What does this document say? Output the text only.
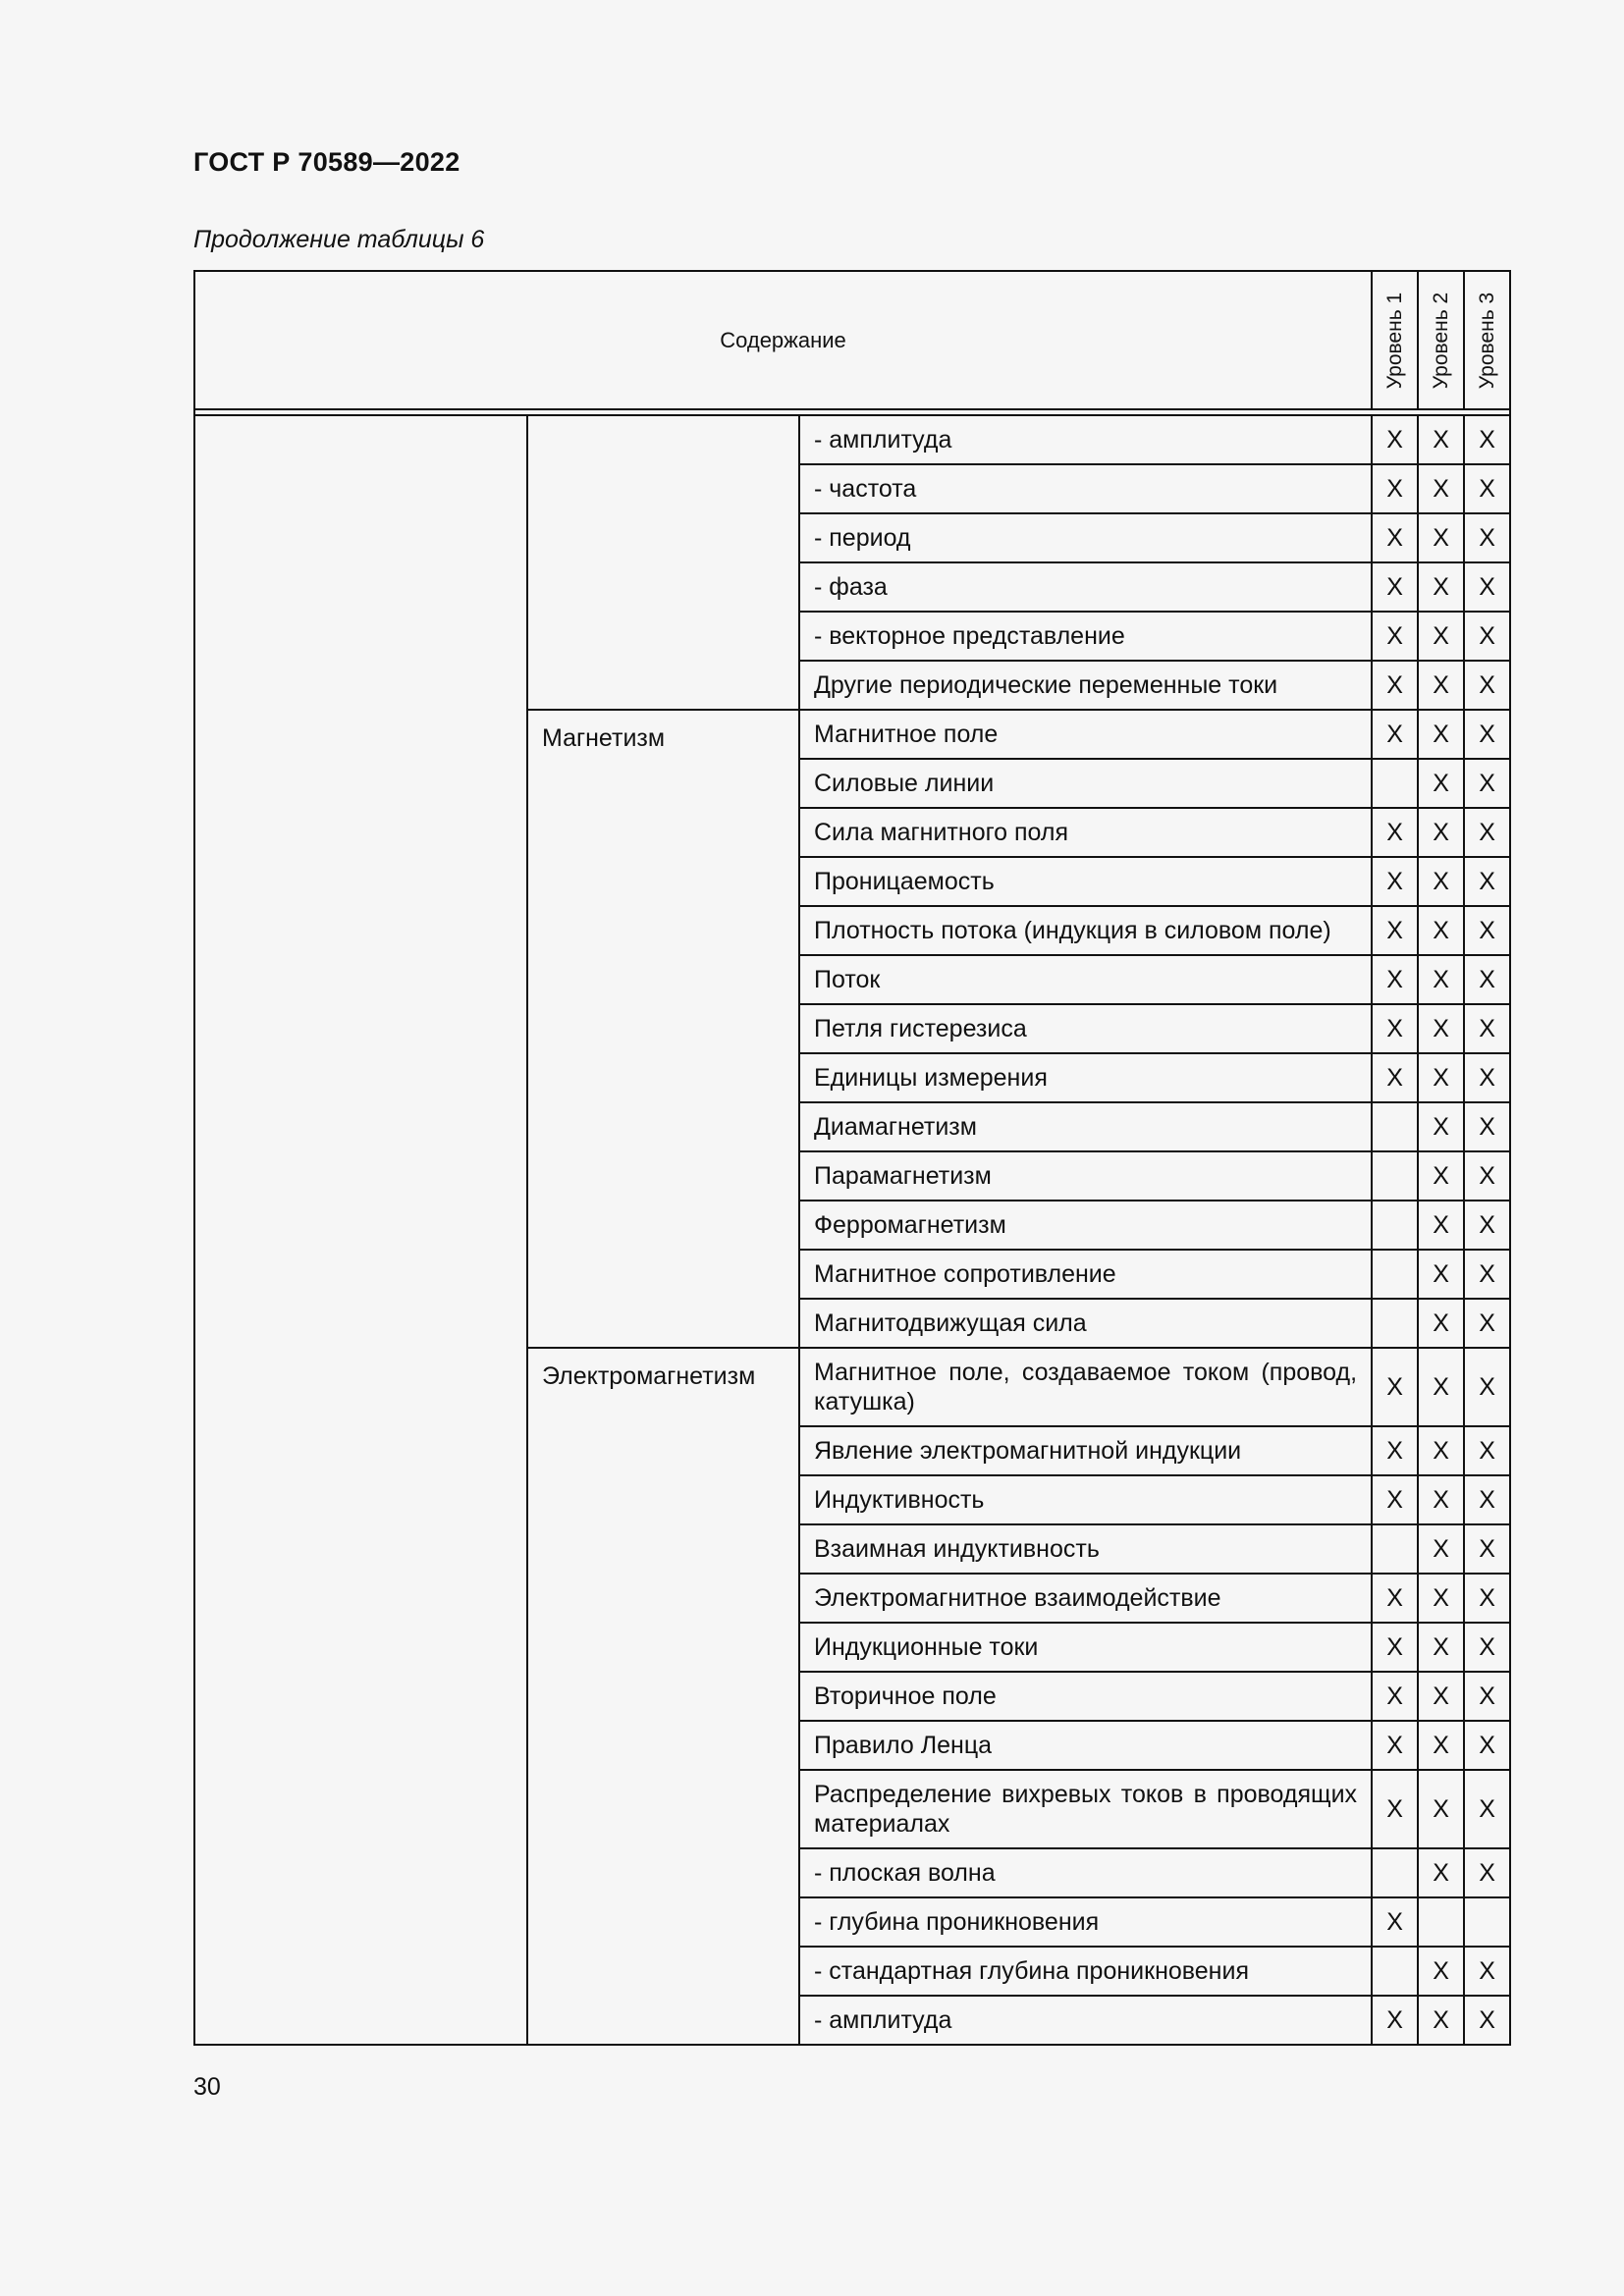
ГОСТ Р 70589—2022
Продолжение таблицы 6
Содержание			Уровень 1	Уровень 2	Уровень 3

		- амплитуда	X	X	X
		- частота	X	X	X
		- период	X	X	X
		- фаза	X	X	X
		- векторное представление	X	X	X
		Другие периодические переменные токи	X	X	X
	Магнетизм	Магнитное поле	X	X	X
		Силовые линии		X	X
		Сила магнитного поля	X	X	X
		Проницаемость	X	X	X
		Плотность потока (индукция в силовом поле)	X	X	X
		Поток	X	X	X
		Петля гистерезиса	X	X	X
		Единицы измерения	X	X	X
		Диамагнетизм		X	X
		Парамагнетизм		X	X
		Ферромагнетизм		X	X
		Магнитное сопротивление		X	X
		Магнитодвижущая сила		X	X
	Электромагнетизм	Магнитное поле, создаваемое током (провод, катушка)	X	X	X
		Явление электромагнитной индукции	X	X	X
		Индуктивность	X	X	X
		Взаимная индуктивность		X	X
		Электромагнитное взаимодействие	X	X	X
		Индукционные токи	X	X	X
		Вторичное поле	X	X	X
		Правило Ленца	X	X	X
		Распределение вихревых токов в проводящих материалах	X	X	X
		- плоская волна		X	X
		- глубина проникновения	X		
		- стандартная глубина проникновения		X	X
		- амплитуда	X	X	X
30
